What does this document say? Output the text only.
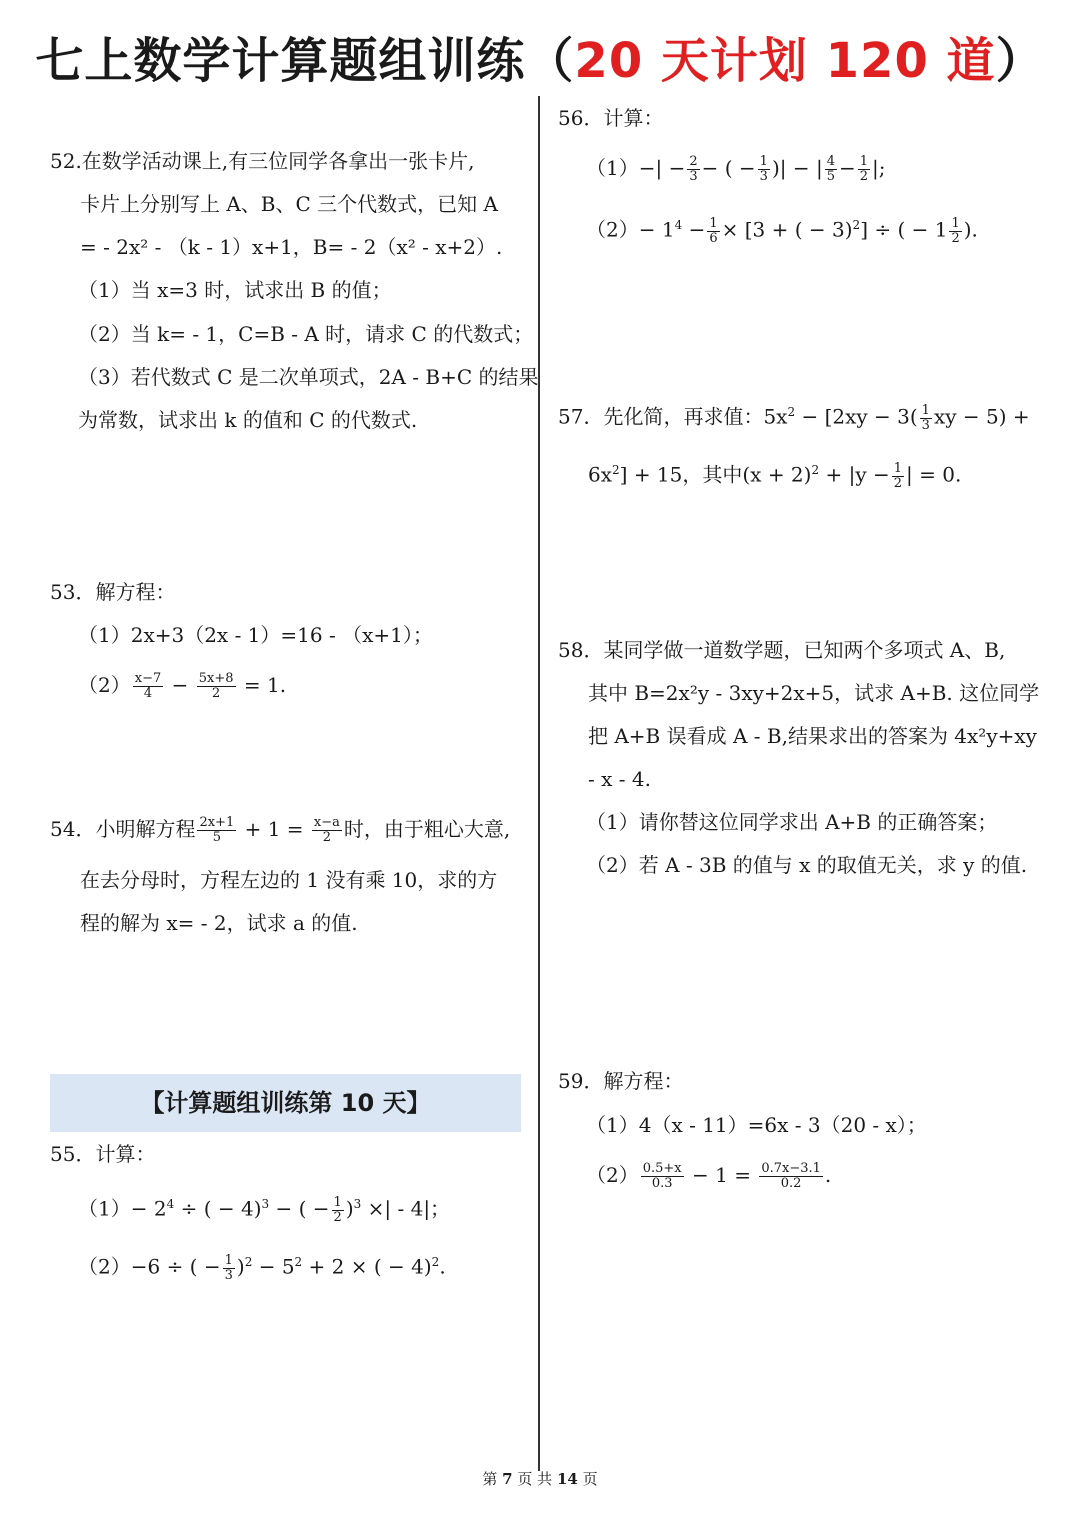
七上数学计算题组训练（20 天计划 120 道）
52.在数学活动课上,有三位同学各拿出一张卡片,
卡片上分别写上 A、B、C 三个代数式，已知 A
= - 2x² - （k - 1）x+1，B= - 2（x² - x+2）.
（1）当 x=3 时，试求出 B 的值；
（2）当 k= - 1，C=B - A 时，请求 C 的代数式；
（3）若代数式 C 是二次单项式，2A - B+C 的结果
为常数，试求出 k 的值和 C 的代数式.
53．解方程：
（1）2x+3（2x - 1）=16 - （x+1）；
$(2) \frac{x-7}{4} - \frac{5x+8}{2} = 1$.
54．小明解方程 $\frac{2x+1}{5} + 1 = \frac{x-a}{2}$ 时，由于粗心大意,
在去分母时，方程左边的 1 没有乘 10，求的方
程的解为 x= - 2，试求 a 的值.
55．计算：
$(1)- 2^4$ ÷ ( − 4)$^3$ − ( − $\frac{1}{2} )^3$ ×| - 4|；
（2）−6 ÷ ( − $\frac{1}{3} )^2 - 5^2 + 2$ × ( − 4)$^2$.
【计算题组训练第 10 天】
56．计算：
$(1)-| - \frac{2}{3}$ − ( − $\frac{1}{3}$ )| − | $\frac{4}{5} - \frac{1}{2}$ |;
$(2)- 1^4 - \frac{1}{6} \times [3$ + ( − 3)$^2$] ÷ ( − $1 \frac{1}{2}$ ).
57．先化简，再求值：$5x^2 - [2xy - 3( \frac{1}{3}$ xy − 5) +
$6x^2] + 15$，其中$(x + 2)^2 + |y - \frac{1}{2}$ | = 0.
58．某同学做一道数学题，已知两个多项式 A、B,
其中 B=2x²y - 3xy+2x+5，试求 A+B. 这位同学
把 A+B 误看成 A - B,结果求出的答案为 4x²y+xy
- x - 4.
（1）请你替这位同学求出 A+B 的正确答案；
（2）若 A - 3B 的值与 x 的取值无关，求 y 的值.
59．解方程：
（1）4（x - 11）=6x - 3（20 - x）；
$(2) \frac{0.5+x}{0.3} - 1 = \frac{0.7x-3.1}{0.2}$ .
第 7 页 共 14 页
